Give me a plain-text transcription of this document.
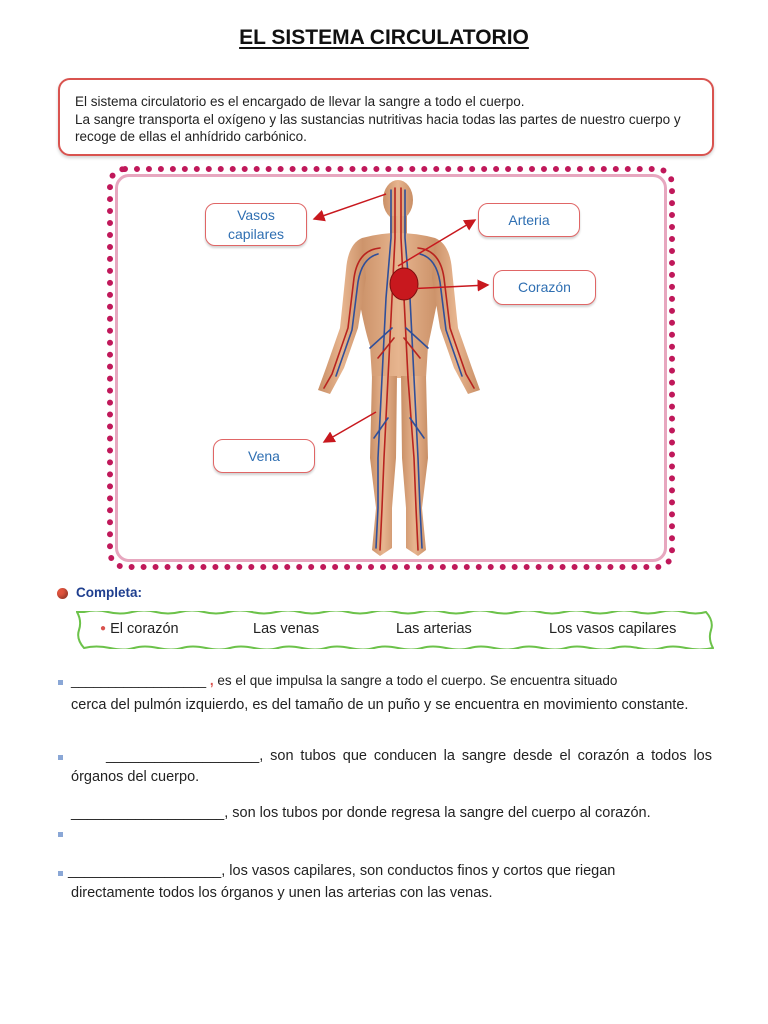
EL SISTEMA CIRCULATORIO

El sistema circulatorio es el encargado de llevar la sangre a todo el cuerpo.

La sangre transporta el oxígeno y las sustancias nutritivas hacia todas las partes de nuestro cuerpo y recoge de ellas el anhídrido carbónico.

Vasos capilares
Arteria
Corazón
Vena
Completa:
● El corazón	Las venas	Las arterias	Los vasos capilares
__________________ , es el que impulsa la sangre a todo el cuerpo. Se encuentra situado
cerca del pulmón izquierdo, es del tamaño de un puño y se encuentra en movimiento constante.
___________________, son tubos que conducen la sangre desde el corazón a todos los órganos del cuerpo.
___________________, son los tubos por donde regresa la sangre del cuerpo al corazón.
___________________, los vasos capilares, son conductos finos y cortos que riegan
directamente todos los órganos y unen las arterias con las venas.
